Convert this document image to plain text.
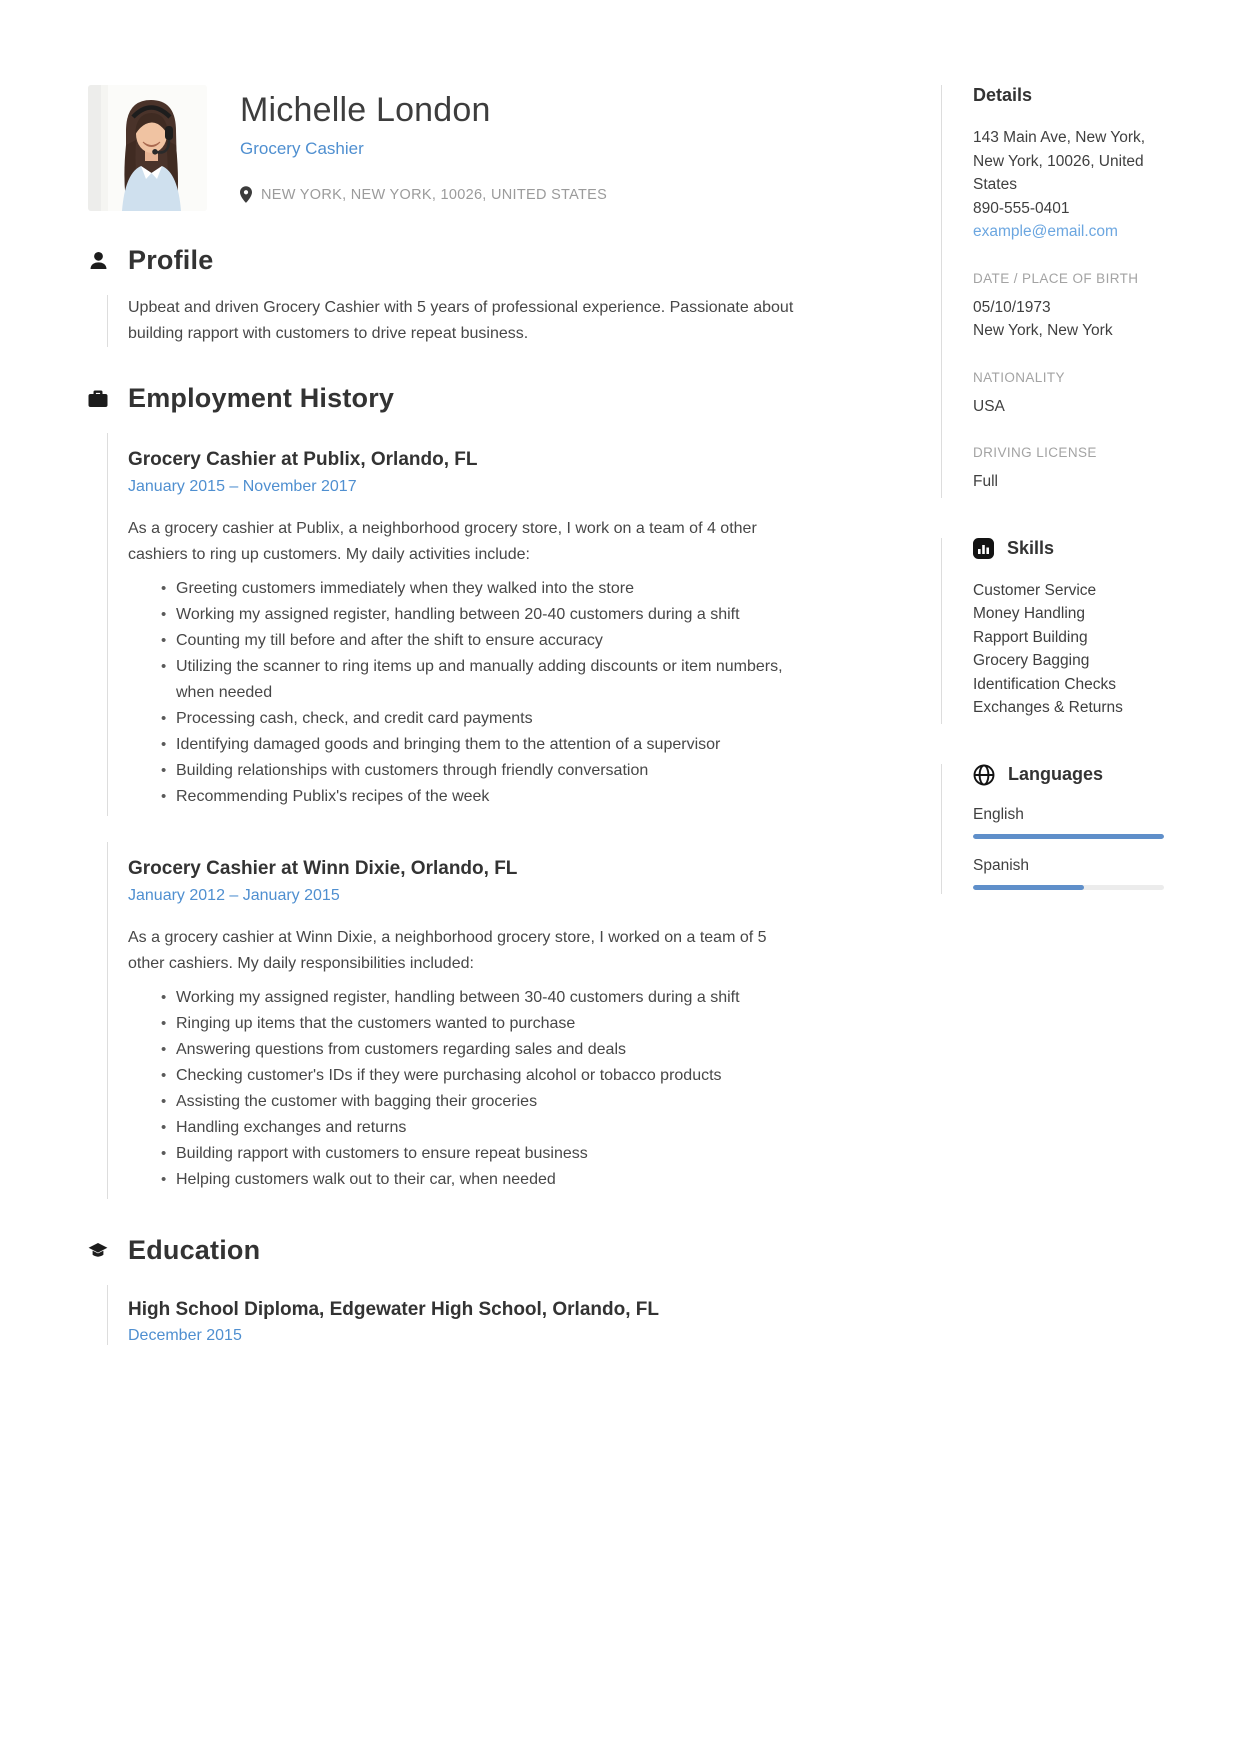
Michelle London
Grocery Cashier
NEW YORK, NEW YORK, 10026, UNITED STATES
Profile

Upbeat and driven Grocery Cashier with 5 years of professional experience. Passionate about building rapport with customers to drive repeat business.

Employment History
Grocery Cashier at Publix, Orlando, FL
January 2015 – November 2017

As a grocery cashier at Publix, a neighborhood grocery store, I work on a team of 4 other cashiers to ring up customers. My daily activities include:

• Greeting customers immediately when they walked into the store
• Working my assigned register, handling between 20-40 customers during a shift
• Counting my till before and after the shift to ensure accuracy
• Utilizing the scanner to ring items up and manually adding discounts or item numbers, when needed
• Processing cash, check, and credit card payments
• Identifying damaged goods and bringing them to the attention of a supervisor
• Building relationships with customers through friendly conversation
• Recommending Publix's recipes of the week
Grocery Cashier at Winn Dixie, Orlando, FL
January 2012 – January 2015

As a grocery cashier at Winn Dixie, a neighborhood grocery store, I worked on a team of 5 other cashiers. My daily responsibilities included:

• Working my assigned register, handling between 30-40 customers during a shift
• Ringing up items that the customers wanted to purchase
• Answering questions from customers regarding sales and deals
• Checking customer's IDs if they were purchasing alcohol or tobacco products
• Assisting the customer with bagging their groceries
• Handling exchanges and returns
• Building rapport with customers to ensure repeat business
• Helping customers walk out to their car, when needed
Education
High School Diploma, Edgewater High School, Orlando, FL
December 2015
Details

143 Main Ave, New York, New York, 10026, United States

890-555-0401

example@email.com
DATE / PLACE OF BIRTH

05/10/1973

New York, New York

NATIONALITY

USA

DRIVING LICENSE

Full

Skills
Customer Service
Money Handling
Rapport Building
Grocery Bagging
Identification Checks
Exchanges & Returns
Languages
English
Spanish
